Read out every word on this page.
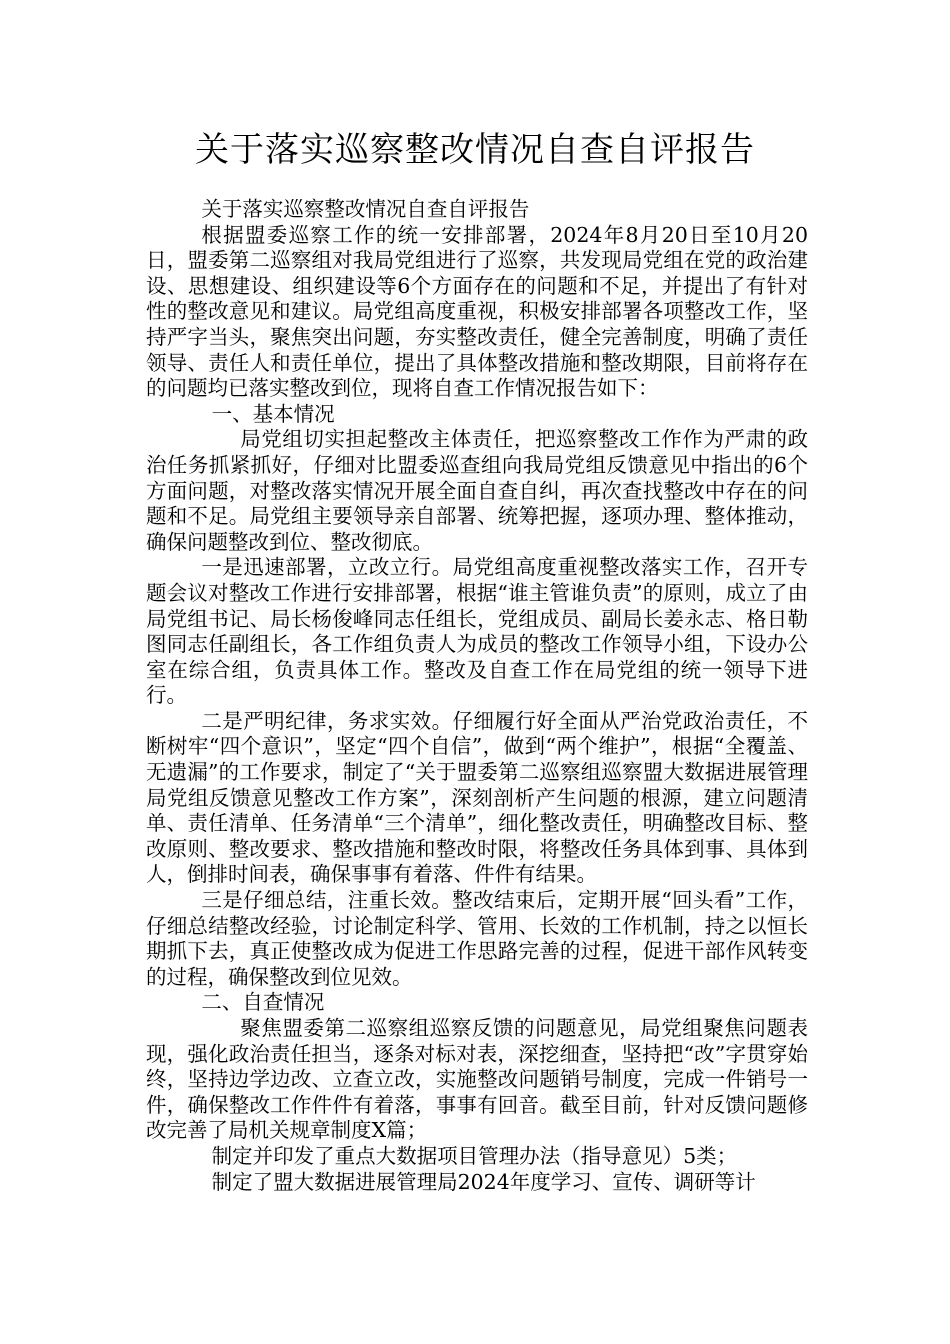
关于落实巡察整改情况自查自评报告

关于落实巡察整改情况自查自评报告

根据盟委巡察工作的统一安排部署，2024年8月20日至10月20日，盟委第二巡察组对我局党组进行了巡察，共发现局党组在党的政治建设、思想建设、组织建设等6个方面存在的问题和不足，并提出了有针对性的整改意见和建议。局党组高度重视，积极安排部署各项整改工作，坚持严字当头，聚焦突出问题，夯实整改责任，健全完善制度，明确了责任领导、责任人和责任单位，提出了具体整改措施和整改期限，目前将存在的问题均已落实整改到位，现将自查工作情况报告如下：

一、基本情况

局党组切实担起整改主体责任，把巡察整改工作作为严肃的政治任务抓紧抓好，仔细对比盟委巡查组向我局党组反馈意见中指出的6个方面问题，对整改落实情况开展全面自查自纠，再次查找整改中存在的问题和不足。局党组主要领导亲自部署、统筹把握，逐项办理、整体推动，确保问题整改到位、整改彻底。

一是迅速部署，立改立行。局党组高度重视整改落实工作，召开专题会议对整改工作进行安排部署，根据“谁主管谁负责”的原则，成立了由局党组书记、局长杨俊峰同志任组长，党组成员、副局长姜永志、格日勒图同志任副组长，各工作组负责人为成员的整改工作领导小组，下设办公室在综合组，负责具体工作。整改及自查工作在局党组的统一领导下进行。

二是严明纪律，务求实效。仔细履行好全面从严治党政治责任，不断树牢“四个意识”，坚定“四个自信”，做到“两个维护”，根据“全覆盖、无遗漏”的工作要求，制定了“关于盟委第二巡察组巡察盟大数据进展管理局党组反馈意见整改工作方案”，深刻剖析产生问题的根源，建立问题清单、责任清单、任务清单“三个清单”，细化整改责任，明确整改目标、整改原则、整改要求、整改措施和整改时限，将整改任务具体到事、具体到人，倒排时间表，确保事事有着落、件件有结果。

三是仔细总结，注重长效。整改结束后，定期开展“回头看”工作，仔细总结整改经验，讨论制定科学、管用、长效的工作机制，持之以恒长期抓下去，真正使整改成为促进工作思路完善的过程，促进干部作风转变的过程，确保整改到位见效。

二、自查情况

聚焦盟委第二巡察组巡察反馈的问题意见，局党组聚焦问题表现，强化政治责任担当，逐条对标对表，深挖细查，坚持把“改”字贯穿始终，坚持边学边改、立查立改，实施整改问题销号制度，完成一件销号一件，确保整改工作件件有着落，事事有回音。截至目前，针对反馈问题修改完善了局机关规章制度X篇；

制定并印发了重点大数据项目管理办法（指导意见）5类；

制定了盟大数据进展管理局2024年度学习、宣传、调研等计
